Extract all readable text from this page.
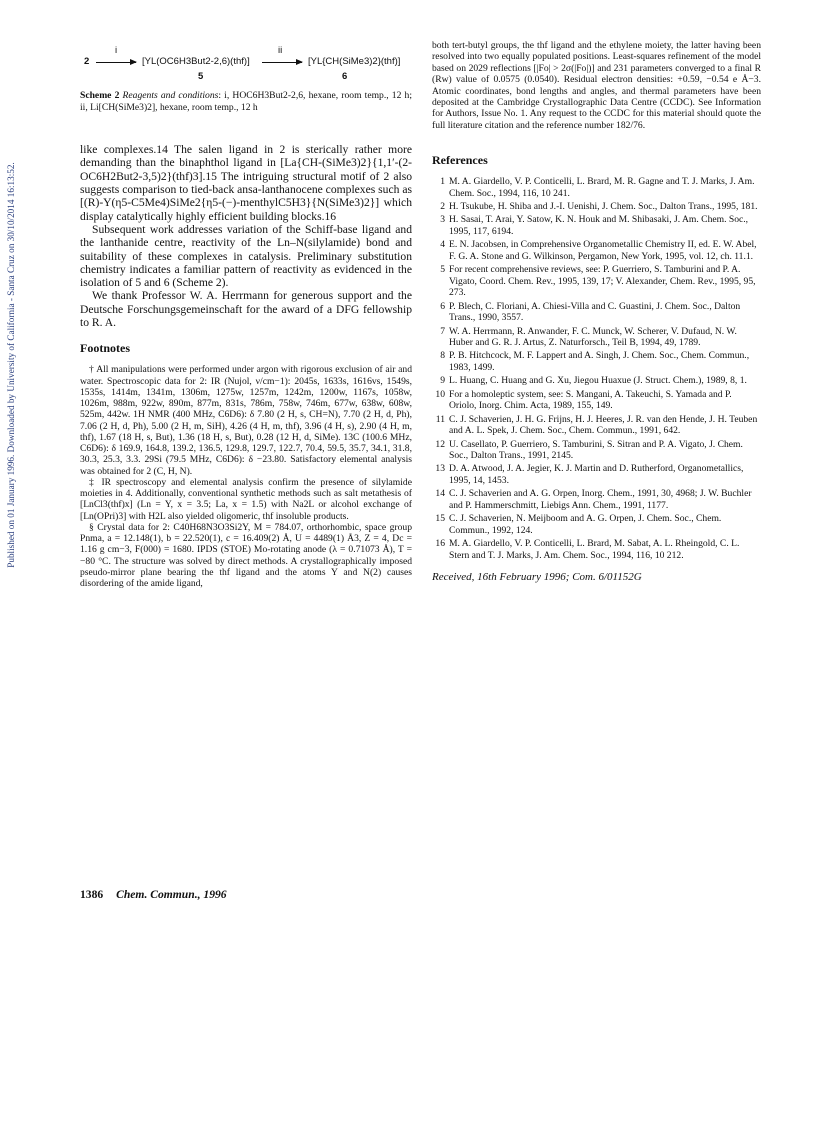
Published on 01 January 1996. Downloaded by University of California - Santa Cruz on 30/10/2014 16:13:52.
2
i
[YL(OC6H3But2-2,6)(thf)]
5
ii
[YL{CH(SiMe3)2}(thf)]
6
Scheme 2 Reagents and conditions: i, HOC6H3But2-2,6, hexane, room temp., 12 h; ii, Li[CH(SiMe3)2], hexane, room temp., 12 h

like complexes.14 The salen ligand in 2 is sterically rather more demanding than the binaphthol ligand in [La{CH-(SiMe3)2}{1,1′-(2-OC6H2But2-3,5)2}(thf)3].15 The intriguing structural motif of 2 also suggests comparison to tied-back ansa-lanthanocene complexes such as [(R)-Y(η5-C5Me4)SiMe2{η5-(−)-menthylC5H3}{N(SiMe3)2}] which display catalytically highly efficient building blocks.16

Subsequent work addresses variation of the Schiff-base ligand and the lanthanide centre, reactivity of the Ln–N(silylamide) bond and suitability of these complexes in catalysis. Preliminary substitution chemistry indicates a familiar pattern of reactivity as evidenced in the isolation of 5 and 6 (Scheme 2).

We thank Professor W. A. Herrmann for generous support and the Deutsche Forschungsgemeinschaft for the award of a DFG fellowship to R. A.

Footnotes

† All manipulations were performed under argon with rigorous exclusion of air and water. Spectroscopic data for 2: IR (Nujol, ν/cm−1): 2045s, 1633s, 1616vs, 1549s, 1535s, 1414m, 1341m, 1306m, 1275w, 1257m, 1242m, 1200w, 1167s, 1058w, 1026m, 988m, 922w, 890m, 877m, 831s, 786m, 758w, 746m, 677w, 638w, 608w, 525m, 442w. 1H NMR (400 MHz, C6D6): δ 7.80 (2 H, s, CH=N), 7.70 (2 H, d, Ph), 7.06 (2 H, d, Ph), 5.00 (2 H, m, SiH), 4.26 (4 H, m, thf), 3.96 (4 H, s), 2.90 (4 H, m, thf), 1.67 (18 H, s, But), 1.36 (18 H, s, But), 0.28 (12 H, d, SiMe). 13C (100.6 MHz, C6D6): δ 169.9, 164.8, 139.2, 136.5, 129.8, 129.7, 122.7, 70.4, 59.5, 35.7, 34.1, 31.8, 30.3, 25.3, 3.3. 29Si (79.5 MHz, C6D6): δ −23.80. Satisfactory elemental analysis was obtained for 2 (C, H, N).

‡ IR spectroscopy and elemental analysis confirm the presence of silylamide moieties in 4. Additionally, conventional synthetic methods such as salt metathesis of [LnCl3(thf)x] (Ln = Y, x = 3.5; La, x = 1.5) with Na2L or alcohol exchange of [Ln(OPri)3] with H2L also yielded oligomeric, thf insoluble products.

§ Crystal data for 2: C40H68N3O3Si2Y, M = 784.07, orthorhombic, space group Pnma, a = 12.148(1), b = 22.520(1), c = 16.409(2) Å, U = 4489(1) Å3, Z = 4, Dc = 1.16 g cm−3, F(000) = 1680. IPDS (STOE) Mo-rotating anode (λ = 0.71073 Å), T = −80 °C. The structure was solved by direct methods. A crystallographically imposed pseudo-mirror plane bearing the thf ligand and the atoms Y and N(2) causes disordering of the amide ligand,

both tert-butyl groups, the thf ligand and the ethylene moiety, the latter having been resolved into two equally populated positions. Least-squares refinement of the model based on 2029 reflections [|Fo| > 2σ(|Fo|)] and 231 parameters converged to a final R (Rw) value of 0.0575 (0.0540). Residual electron densities: +0.59, −0.54 e Å−3. Atomic coordinates, bond lengths and angles, and thermal parameters have been deposited at the Cambridge Crystallographic Data Centre (CCDC). See Information for Authors, Issue No. 1. Any request to the CCDC for this material should quote the full literature citation and the reference number 182/76.

References
1 M. A. Giardello, V. P. Conticelli, L. Brard, M. R. Gagne and T. J. Marks, J. Am. Chem. Soc., 1994, 116, 10 241.
2 H. Tsukube, H. Shiba and J.-I. Uenishi, J. Chem. Soc., Dalton Trans., 1995, 181.
3 H. Sasai, T. Arai, Y. Satow, K. N. Houk and M. Shibasaki, J. Am. Chem. Soc., 1995, 117, 6194.
4 E. N. Jacobsen, in Comprehensive Organometallic Chemistry II, ed. E. W. Abel, F. G. A. Stone and G. Wilkinson, Pergamon, New York, 1995, vol. 12, ch. 11.1.
5 For recent comprehensive reviews, see: P. Guerriero, S. Tamburini and P. A. Vigato, Coord. Chem. Rev., 1995, 139, 17; V. Alexander, Chem. Rev., 1995, 95, 273.
6 P. Blech, C. Floriani, A. Chiesi-Villa and C. Guastini, J. Chem. Soc., Dalton Trans., 1990, 3557.
7 W. A. Herrmann, R. Anwander, F. C. Munck, W. Scherer, V. Dufaud, N. W. Huber and G. R. J. Artus, Z. Naturforsch., Teil B, 1994, 49, 1789.
8 P. B. Hitchcock, M. F. Lappert and A. Singh, J. Chem. Soc., Chem. Commun., 1983, 1499.
9 L. Huang, C. Huang and G. Xu, Jiegou Huaxue (J. Struct. Chem.), 1989, 8, 1.
10 For a homoleptic system, see: S. Mangani, A. Takeuchi, S. Yamada and P. Oriolo, Inorg. Chim. Acta, 1989, 155, 149.
11 C. J. Schaverien, J. H. G. Frijns, H. J. Heeres, J. R. van den Hende, J. H. Teuben and A. L. Spek, J. Chem. Soc., Chem. Commun., 1991, 642.
12 U. Casellato, P. Guerriero, S. Tamburini, S. Sitran and P. A. Vigato, J. Chem. Soc., Dalton Trans., 1991, 2145.
13 D. A. Atwood, J. A. Jegier, K. J. Martin and D. Rutherford, Organometallics, 1995, 14, 1453.
14 C. J. Schaverien and A. G. Orpen, Inorg. Chem., 1991, 30, 4968; J. W. Buchler and P. Hammerschmitt, Liebigs Ann. Chem., 1991, 1177.
15 C. J. Schaverien, N. Meijboom and A. G. Orpen, J. Chem. Soc., Chem. Commun., 1992, 124.
16 M. A. Giardello, V. P. Conticelli, L. Brard, M. Sabat, A. L. Rheingold, C. L. Stern and T. J. Marks, J. Am. Chem. Soc., 1994, 116, 10 212.
Received, 16th February 1996; Com. 6/01152G
1386 Chem. Commun., 1996
